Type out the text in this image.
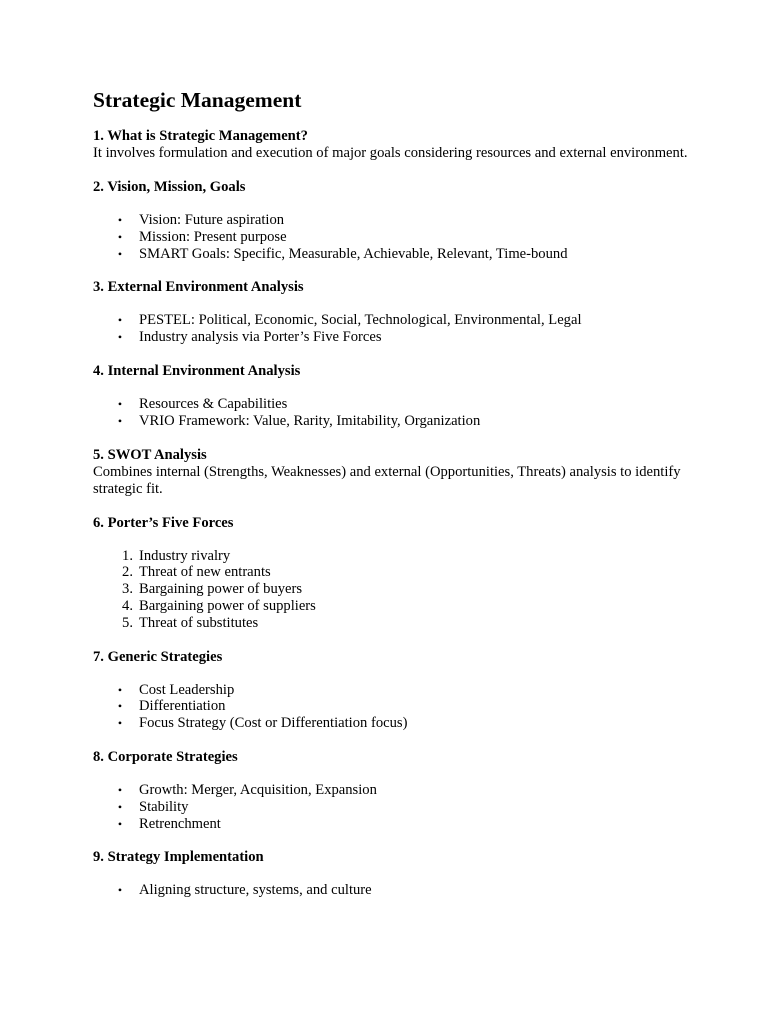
Strategic Management
1. What is Strategic Management?
It involves formulation and execution of major goals considering resources and external environment.
2. Vision, Mission, Goals
•	Vision: Future aspiration
•	Mission: Present purpose
•	SMART Goals: Specific, Measurable, Achievable, Relevant, Time-bound
3. External Environment Analysis
•	PESTEL: Political, Economic, Social, Technological, Environmental, Legal
•	Industry analysis via Porter’s Five Forces
4. Internal Environment Analysis
•	Resources & Capabilities
•	VRIO Framework: Value, Rarity, Imitability, Organization
5. SWOT Analysis
Combines internal (Strengths, Weaknesses) and external (Opportunities, Threats) analysis to identify strategic fit.
6. Porter’s Five Forces
1. Industry rivalry
2. Threat of new entrants
3. Bargaining power of buyers
4. Bargaining power of suppliers
5. Threat of substitutes
7. Generic Strategies
•	Cost Leadership
•	Differentiation
•	Focus Strategy (Cost or Differentiation focus)
8. Corporate Strategies
•	Growth: Merger, Acquisition, Expansion
•	Stability
•	Retrenchment
9. Strategy Implementation
•	Aligning structure, systems, and culture
